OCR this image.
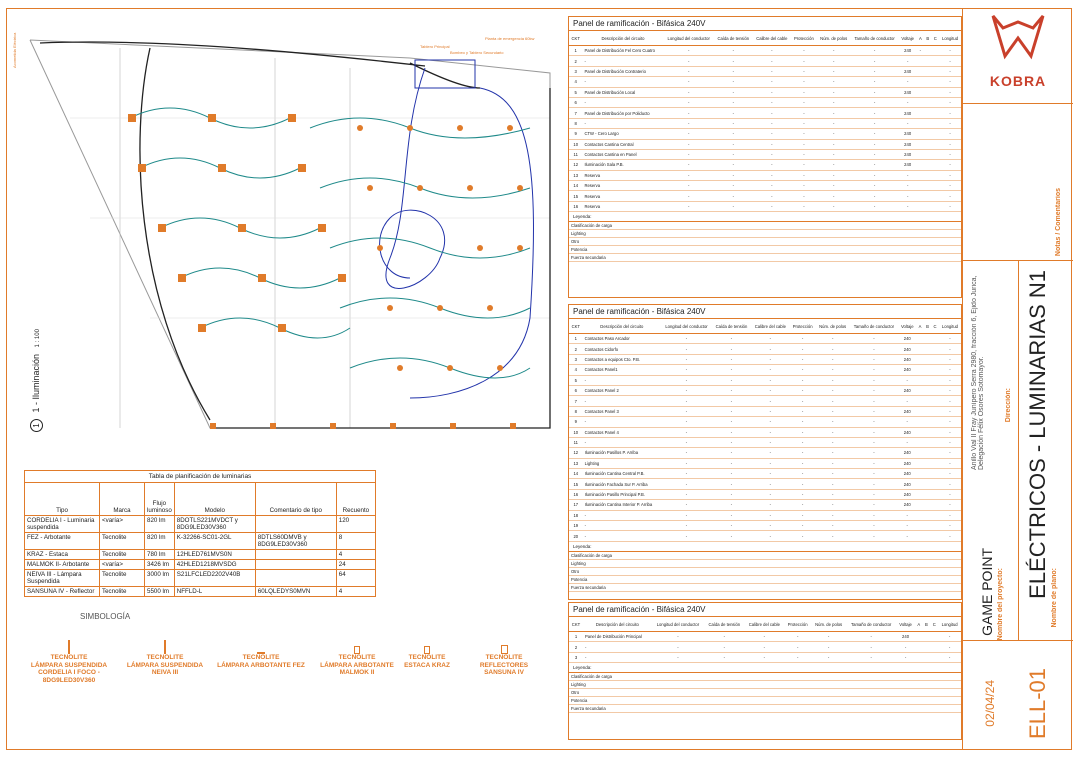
Acometida Eléctrica	Tablero Principal
Bombeo y Tablero Secundario
Planta de emergencia 60kw
1 1 - Iluminación 1 : 100
Tabla de planificación de luminarias
Tipo	Marca	Flujo luminoso	Modelo	Comentario de tipo	Recuento
CORDELIA I - Luminaria suspendida	<varía>	820 lm	8DOTLS221MVDCT y 8DG9LED30V360		120
FEZ - Arbotante	Tecnolite	820 lm	K-32266-SC01-2GL	8DTLS60DMVB y 8DG9LED30V360	8
KRAZ - Estaca	Tecnolite	780 lm	12HLED761MVS0N		4
MALMOK II- Arbotante	<varía>	3426 lm	42HLED1218MVSDG		24
NEIVA III - Lámpara Suspendida	Tecnolite	3000 lm	S21LFCLED2202V40B		64
SANSUNA IV - Reflector	Tecnolite	5500 lm	NFFLD-L	60LQLEDYS0MVN	4
SIMBOLOGÍA
TECNOLITE
LÁMPARA SUSPENDIDA CORDELIA I FOCO - 8DG9LED30V360
TECNOLITE
LÁMPARA SUSPENDIDA NEIVA III
TECNOLITE
LÁMPARA ARBOTANTE FEZ
TECNOLITE
LÁMPARA ARBOTANTE MALMOK II
TECNOLITE
ESTACA KRAZ
TECNOLITE
REFLECTORES SANSUNA IV
Panel de ramificación - Bifásica 240V
CKT	Descripción del circuito	Longitud del conductor	Caída de tensión	Calibre del cable	Protección	Núm. de polos	Tamaño de conductor	Voltaje	A	B	C	Longitud
1	Panel de Distribución Fel Cero Cuatro	-	-	-	-	-	-	240	-			-
2	-	-	-	-	-	-	-	-				-
3	Panel de Distribución Contraterio	-	-	-	-	-	-	240				-
4	-	-	-	-	-	-	-	-				-
5	Panel de Distribución Local	-	-	-	-	-	-	240				-
6	-	-	-	-	-	-	-	-				-
7	Panel de Distribución por Poliducto	-	-	-	-	-	-	240				-
8	-	-	-	-	-	-	-	-				-
9	CTW - Cero Largo	-	-	-	-	-	-	240				-
10	Contactos Cantina Central	-	-	-	-	-	-	240				-
11	Contactos Cantina en Panel	-	-	-	-	-	-	240				-
12	Iluminación Sala P.B.	-	-	-	-	-	-	240				-
13	Reserva	-	-	-	-	-	-	-				-
14	Reserva	-	-	-	-	-	-	-				-
15	Reserva	-	-	-	-	-	-	-				-
16	Reserva	-	-	-	-	-	-	-				-
Leyenda:
Clasificación de carga
Lighting
Otro
Potencia
Fuerza secundaria
Panel de ramificación - Bifásica 240V
CKT	Descripción del circuito	Longitud del conductor	Caída de tensión	Calibre del cable	Protección	Núm. de polos	Tamaño de conductor	Voltaje	A	B	C	Longitud
1	Contactos Paso Arcador	-	-	-	-	-	-	240				-
2	Contactos Cidorfo	-	-	-	-	-	-	240				-
3	Contactos a equipos Cto. P.B.	-	-	-	-	-	-	240				-
4	Contactos Panel1	-	-	-	-	-	-	240				-
5	-	-	-	-	-	-	-	-				-
6	Contactos Panel 2	-	-	-	-	-	-	240				-
7	-	-	-	-	-	-	-	-				-
8	Contactos Panel 3	-	-	-	-	-	-	240				-
9	-	-	-	-	-	-	-	-				-
10	Contactos Panel 4	-	-	-	-	-	-	240				-
11	-	-	-	-	-	-	-	-				-
12	Iluminación Pasillos P. Arriba	-	-	-	-	-	-	240				-
13	Lighting	-	-	-	-	-	-	240				-
14	Iluminación Cantina Central P.B.	-	-	-	-	-	-	240				-
15	Iluminación Fachada Sur P. Arriba	-	-	-	-	-	-	240				-
16	Iluminación Pasillo Principal P.B.	-	-	-	-	-	-	240				-
17	Iluminación Cantina Interior P. Arriba	-	-	-	-	-	-	240				-
18	-	-	-	-	-	-	-	-				-
19	-	-	-	-	-	-	-	-				-
20	-	-	-	-	-	-	-	-				-
Leyenda:
Clasificación de carga
Lighting
Otro
Potencia
Fuerza secundaria
Panel de ramificación - Bifásica 240V
CKT	Descripción del circuito	Longitud del conductor	Caída de tensión	Calibre del cable	Protección	Núm. de polos	Tamaño de conductor	Voltaje	A	B	C	Longitud
1	Panel de Distribución Principal	-	-	-	-	-	-	240				-
2	-	-	-	-	-	-	-	-				-
3	-	-	-	-	-	-	-	-				-
Leyenda:
Clasificación de carga
Lighting
Otro
Potencia
Fuerza secundaria
KOBRA
Notas / Comentarios
Anillo Vial II Fray Junípero Serra 2980, fracción 6, Ejido Jurica, Delegación Félix Osores Sotomayor.	Dirección:
GAME POINT Nombre del proyecto:
ELÉCTRICOS - LUMINARIAS N1 Nombre de plano:
02/04/24 ELL-01
